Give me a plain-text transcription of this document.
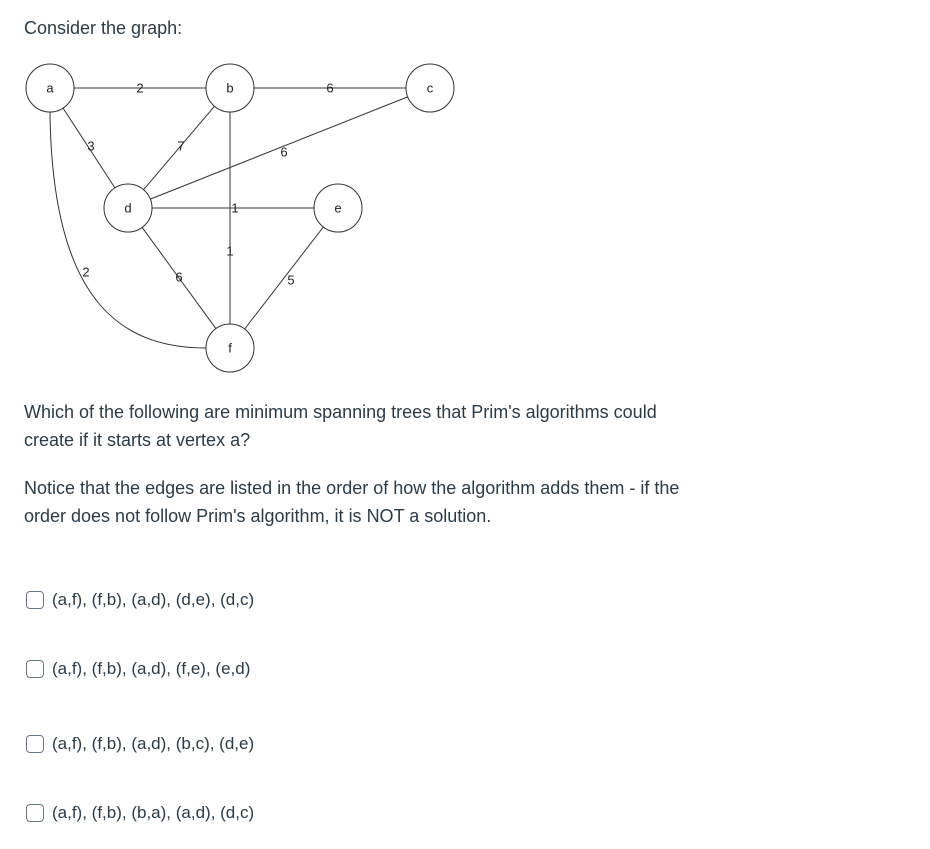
Consider the graph:

2	6
3	7	6
1
1
2	6	5
a	b	c
d	e
f

Which of the following are minimum spanning trees that Prim's algorithms could

create if it starts at vertex a?

Notice that the edges are listed in the order of how the algorithm adds them - if the

order does not follow Prim's algorithm, it is NOT a solution.

(a,f), (f,b), (a,d), (d,e), (d,c)
(a,f), (f,b), (a,d), (f,e), (e,d)
(a,f), (f,b), (a,d), (b,c), (d,e)
(a,f), (f,b), (b,a), (a,d), (d,c)
